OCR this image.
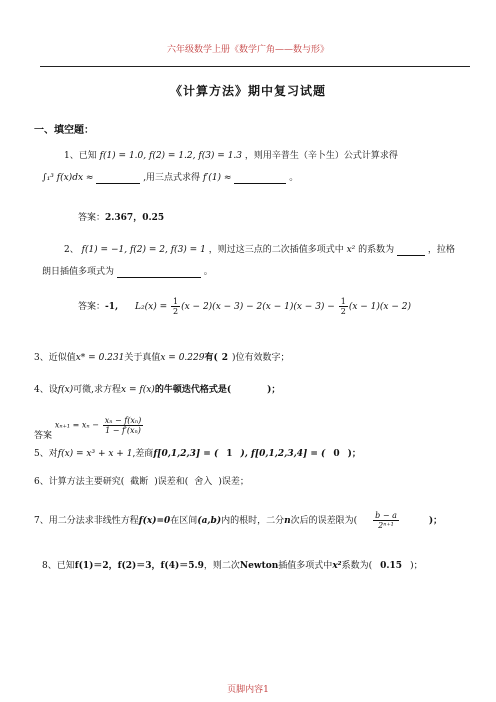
六年级数学上册《数学广角——数与形》
《计算方法》期中复习试题
一、填空题：
1、已知 f(1) = 1.0, f(2) = 1.2, f(3) = 1.3 ，则用辛普生（辛卜生）公式计算求得
∫₁³ f(x)dx ≈	,用三点式求得 f′(1) ≈	。
答案：2.367，0.25
2、 f(1) = −1, f(2) = 2, f(3) = 1 ，则过这三点的二次插值多项式中 x² 的系数为	，拉格
朗日插值多项式为	。
答案：-1, $L_2(x) = \frac{1}{2} (x - 2)(x - 3) - 2(x - 1)(x - 3) - \frac{1}{2} (x - 1)(x - 2)$
3、近似值x* = 0.231关于真值x = 0.229有( 2 )位有效数字；
4、设f(x)可微,求方程x = f(x)的牛顿迭代格式是(	)；
答案 $x_{n+1} = x_n - \frac{\text{xₙ − f(xₙ)}}{\text{1 − f′(xₙ)}}$
5、对f(x) = x³ + x + 1,差商f[0,1,2,3] = ( 1 ), f[0,1,2,3,4] = ( 0 )；
6、计算方法主要研究( 截断 )误差和( 舍入 )误差；
7、用二分法求非线性方程f(x)=0在区间(a,b)内的根时，二分n次后的误差限为( $\frac{b - a}{\text{2ⁿ⁺¹}}$	)；
8、已知f(1)＝2，f(2)＝3，f(4)＝5.9，则二次Newton插值多项式中x²系数为( 0.15 )；
页脚内容1
